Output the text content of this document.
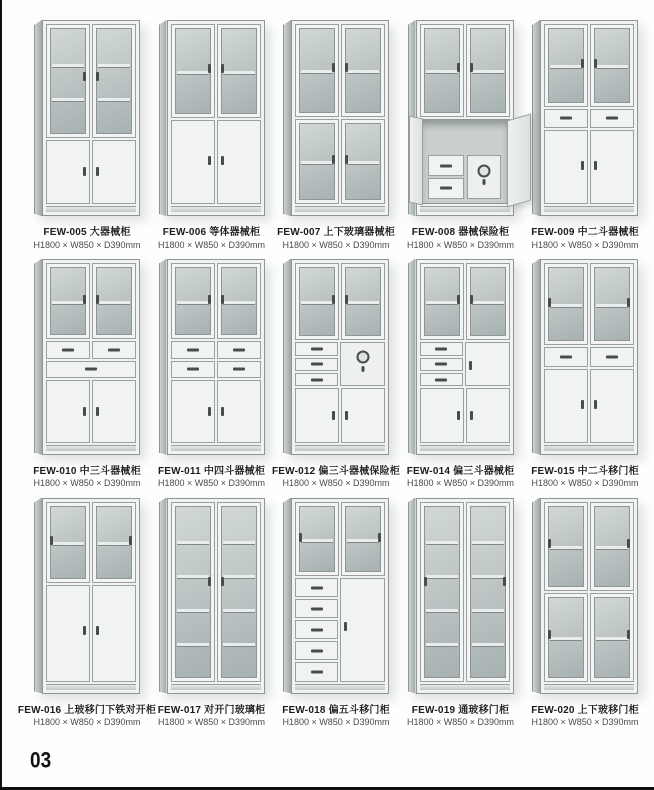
FEW-005 大器械柜
H1800 × W850 × D390mm
FEW-006 等体器械柜
H1800 × W850 × D390mm
FEW-007 上下玻璃器械柜
H1800 × W850 × D390mm
FEW-008 器械保险柜
H1800 × W850 × D390mm
FEW-009 中二斗器械柜
H1800 × W850 × D390mm
FEW-010 中三斗器械柜
H1800 × W850 × D390mm
FEW-011 中四斗器械柜
H1800 × W850 × D390mm
FEW-012 偏三斗器械保险柜
H1800 × W850 × D390mm
FEW-014 偏三斗器械柜
H1800 × W850 × D390mm
FEW-015 中二斗移门柜
H1800 × W850 × D390mm
FEW-016 上玻移门下铁对开柜
H1800 × W850 × D390mm
FEW-017 对开门玻璃柜
H1800 × W850 × D390mm
FEW-018 偏五斗移门柜
H1800 × W850 × D390mm
FEW-019 通玻移门柜
H1800 × W850 × D390mm
FEW-020 上下玻移门柜
H1800 × W850 × D390mm
03
